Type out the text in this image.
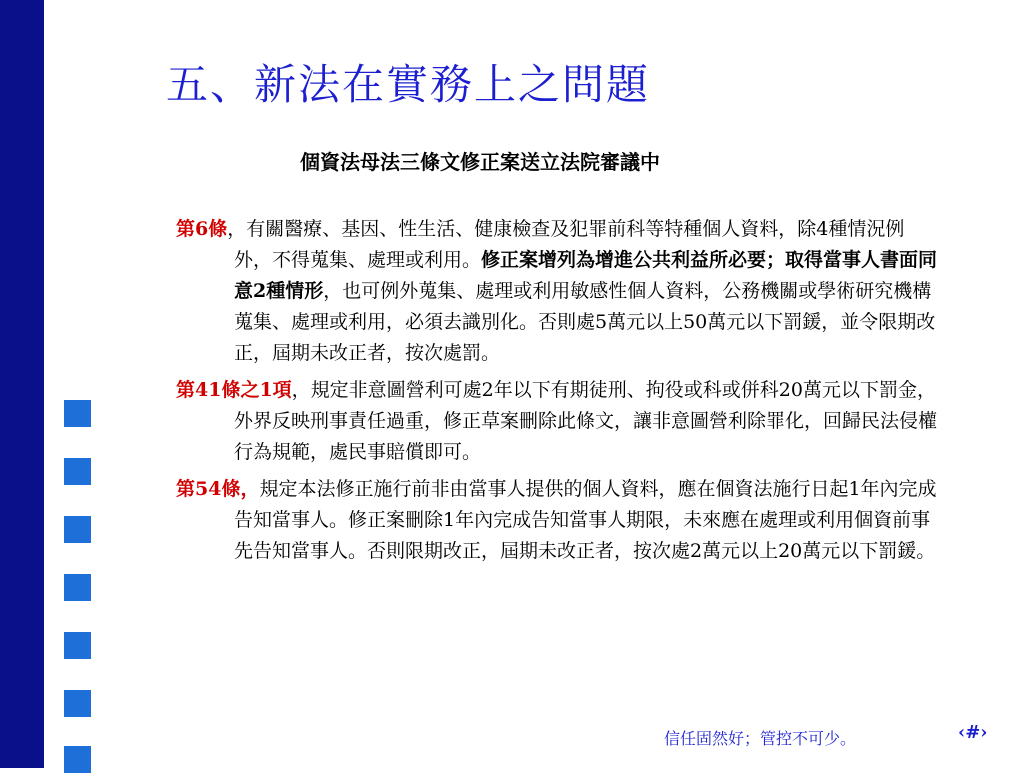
五、新法在實務上之問題
個資法母法三條文修正案送立法院審議中

第6條，有關醫療、基因、性生活、健康檢查及犯罪前科等特種個人資料，除4種情況例外，不得蒐集、處理或利用。修正案增列為增進公共利益所必要；取得當事人書面同意2種情形，也可例外蒐集、處理或利用敏感性個人資料，公務機關或學術研究機構蒐集、處理或利用，必須去識別化。否則處5萬元以上50萬元以下罰鍰，並令限期改正，屆期未改正者，按次處罰。

第41條之1項，規定非意圖營利可處2年以下有期徒刑、拘役或科或併科20萬元以下罰金，外界反映刑事責任過重，修正草案刪除此條文，讓非意圖營利除罪化，回歸民法侵權行為規範，處民事賠償即可。

第54條，規定本法修正施行前非由當事人提供的個人資料，應在個資法施行日起1年內完成告知當事人。修正案刪除1年內完成告知當事人期限，未來應在處理或利用個資前事先告知當事人。否則限期改正，屆期未改正者，按次處2萬元以上20萬元以下罰鍰。

信任固然好；管控不可少。	‹#›
